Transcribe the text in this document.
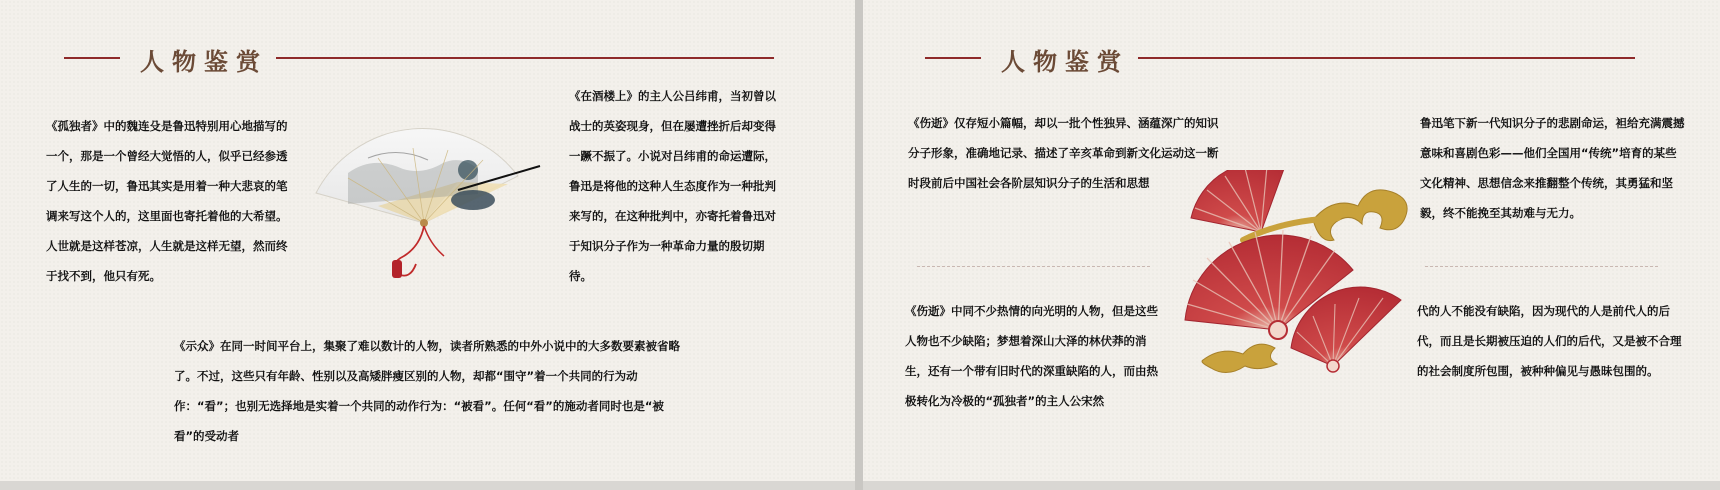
人物鉴赏

《孤独者》中的魏连殳是鲁迅特别用心地描写的一个，那是一个曾经大觉悟的人，似乎已经参透了人生的一切，鲁迅其实是用着一种大悲哀的笔调来写这个人的，这里面也寄托着他的大希望。人世就是这样苍凉，人生就是这样无望，然而终于找不到，他只有死。

《在酒楼上》的主人公吕纬甫，当初曾以战士的英姿现身，但在屡遭挫折后却变得一蹶不振了。小说对吕纬甫的命运遭际，鲁迅是将他的这种人生态度作为一种批判来写的，在这种批判中，亦寄托着鲁迅对于知识分子作为一种革命力量的殷切期待。

《示众》在同一时间平台上，集聚了难以数计的人物，读者所熟悉的中外小说中的大多数要素被省略了。不过，这些只有年龄、性别以及高矮胖瘦区别的人物，却都“围守”着一个共同的行为动作：“看”；也别无选择地是实着一个共同的动作行为：“被看”。任何“看”的施动者同时也是“被看”的受动者

人物鉴赏

《伤逝》仅存短小篇幅，却以一批个性独异、涵蕴深广的知识分子形象，准确地记录、描述了辛亥革命到新文化运动这一断时段前后中国社会各阶层知识分子的生活和思想

鲁迅笔下新一代知识分子的悲剧命运，袒给充满震撼意味和喜剧色彩——他们全国用“传统”培育的某些文化精神、思想信念来推翻整个传统，其勇猛和坚毅，终不能挽至其劫难与无力。

《伤逝》中同不少热情的向光明的人物，但是这些人物也不少缺陷；梦想着深山大泽的林伏莽的消生，还有一个带有旧时代的深重缺陷的人，而由热极转化为冷极的“孤独者”的主人公宋然

代的人不能没有缺陷，因为现代的人是前代人的后代，而且是长期被压迫的人们的后代，又是被不合理的社会制度所包围，被种种偏见与愚昧包围的。
